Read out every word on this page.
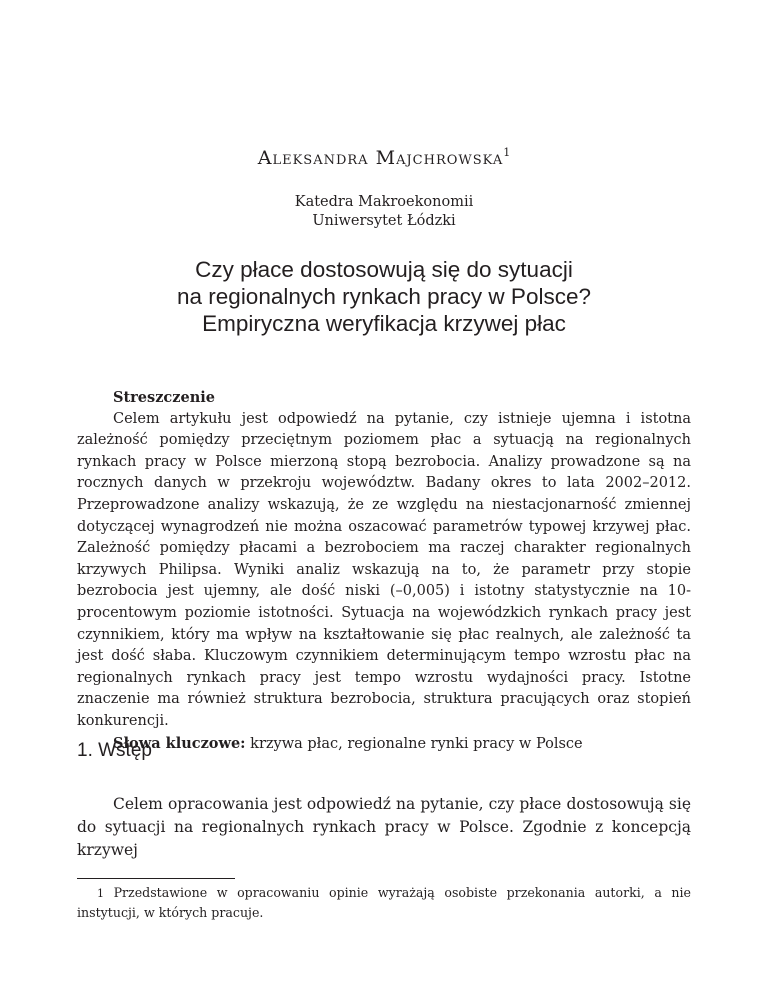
Aleksandra Majchrowska$^1$
Katedra Makroekonomii
Uniwersytet Łódzki
Czy płace dostosowują się do sytuacji
na regionalnych rynkach pracy w Polsce?
Empiryczna weryfikacja krzywej płac
Streszczenie
Celem artykułu jest odpowiedź na pytanie, czy istnieje ujemna i istotna zależność pomiędzy przeciętnym poziomem płac a sytuacją na regionalnych rynkach pracy w Polsce mierzoną stopą bezrobocia. Analizy prowadzone są na rocznych danych w przekroju województw. Badany okres to lata 2002–2012. Przeprowadzone analizy wskazują, że ze względu na niestacjonarność zmiennej dotyczącej wynagrodzeń nie można oszacować parametrów typowej krzywej płac. Zależność pomiędzy płacami a bezrobociem ma raczej charakter regionalnych krzywych Philipsa. Wyniki analiz wskazują na to, że parametr przy stopie bezrobocia jest ujemny, ale dość niski (–0,005) i istotny statystycznie na 10-procentowym poziomie istotności. Sytuacja na wojewódzkich rynkach pracy jest czynnikiem, który ma wpływ na kształtowanie się płac realnych, ale zależność ta jest dość słaba. Kluczowym czynnikiem determinującym tempo wzrostu płac na regionalnych rynkach pracy jest tempo wzrostu wydajności pracy. Istotne znaczenie ma również struktura bezrobocia, struktura pracujących oraz stopień konkurencji.
Słowa kluczowe: krzywa płac, regionalne rynki pracy w Polsce
1. Wstęp
Celem opracowania jest odpowiedź na pytanie, czy płace dostosowują się do sytuacji na regionalnych rynkach pracy w Polsce. Zgodnie z koncepcją krzywej
1 Przedstawione w opracowaniu opinie wyrażają osobiste przekonania autorki, a nie instytucji, w których pracuje.
